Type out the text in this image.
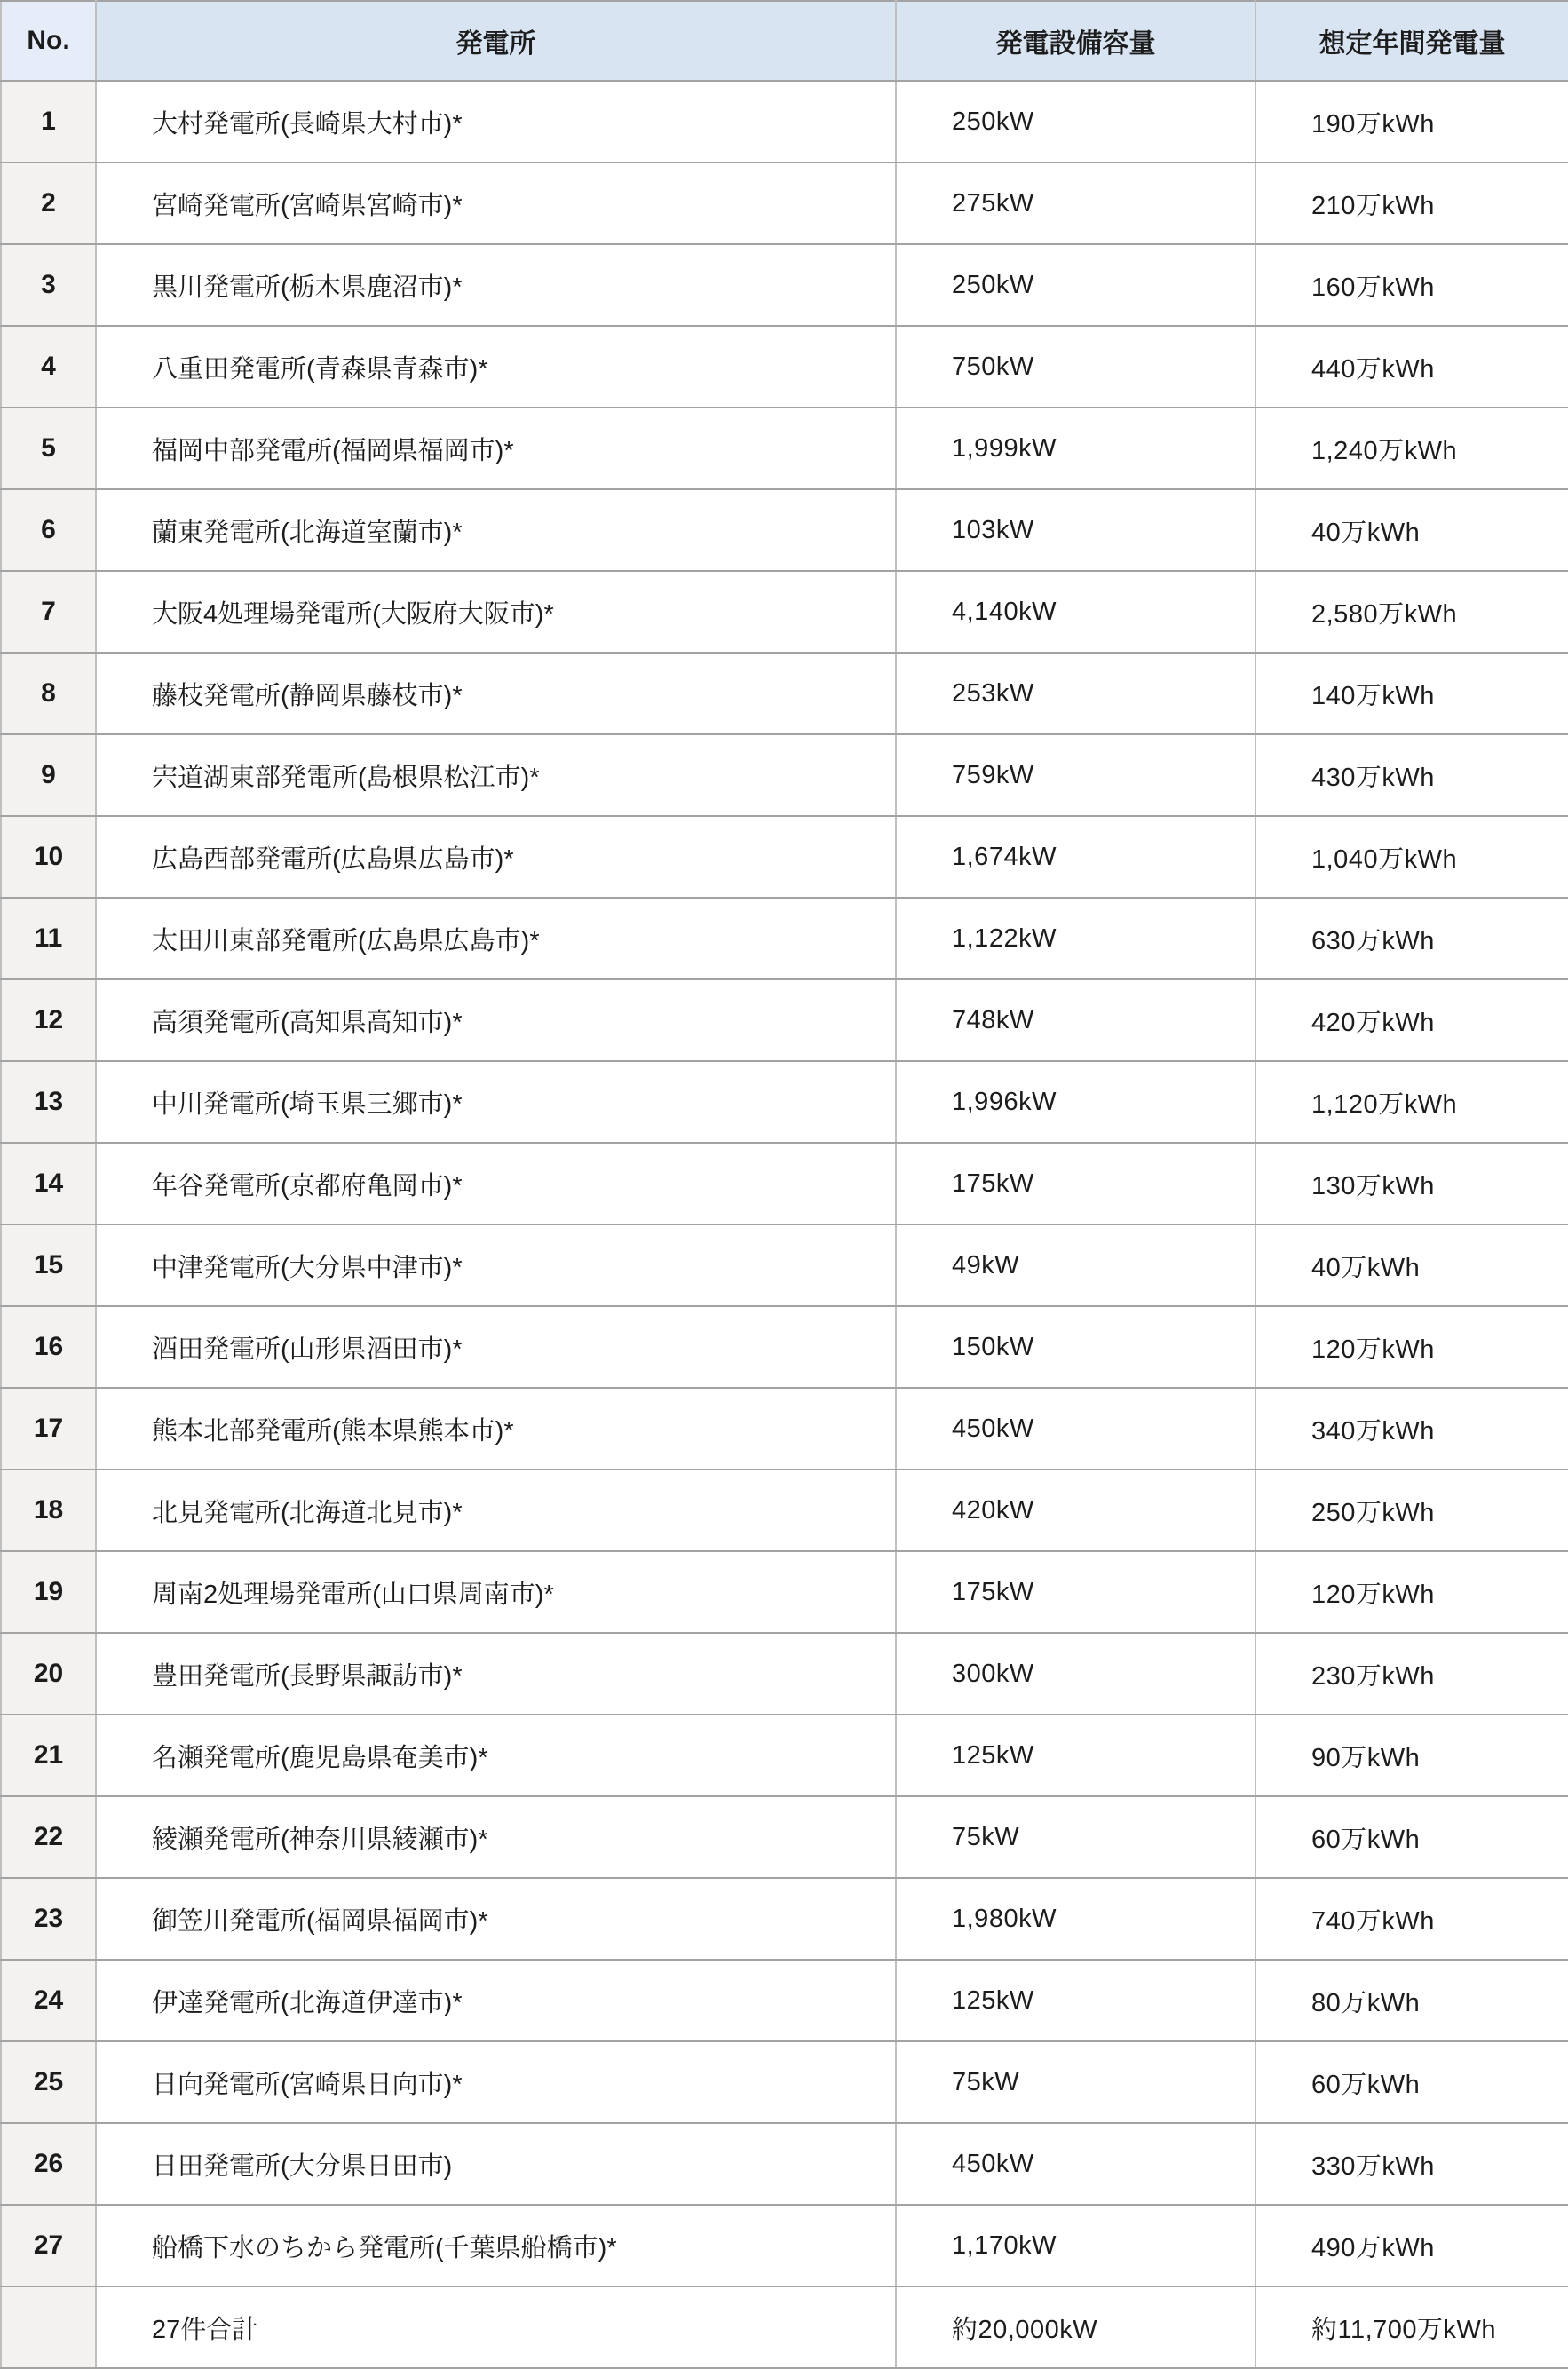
No.	発電所	発電設備容量	想定年間発電量
1	大村発電所(長崎県大村市)*	250kW	190万kWh
2	宮崎発電所(宮崎県宮崎市)*	275kW	210万kWh
3	黒川発電所(栃木県鹿沼市)*	250kW	160万kWh
4	八重田発電所(青森県青森市)*	750kW	440万kWh
5	福岡中部発電所(福岡県福岡市)*	1,999kW	1,240万kWh
6	蘭東発電所(北海道室蘭市)*	103kW	40万kWh
7	大阪4処理場発電所(大阪府大阪市)*	4,140kW	2,580万kWh
8	藤枝発電所(静岡県藤枝市)*	253kW	140万kWh
9	宍道湖東部発電所(島根県松江市)*	759kW	430万kWh
10	広島西部発電所(広島県広島市)*	1,674kW	1,040万kWh
11	太田川東部発電所(広島県広島市)*	1,122kW	630万kWh
12	高須発電所(高知県高知市)*	748kW	420万kWh
13	中川発電所(埼玉県三郷市)*	1,996kW	1,120万kWh
14	年谷発電所(京都府亀岡市)*	175kW	130万kWh
15	中津発電所(大分県中津市)*	49kW	40万kWh
16	酒田発電所(山形県酒田市)*	150kW	120万kWh
17	熊本北部発電所(熊本県熊本市)*	450kW	340万kWh
18	北見発電所(北海道北見市)*	420kW	250万kWh
19	周南2処理場発電所(山口県周南市)*	175kW	120万kWh
20	豊田発電所(長野県諏訪市)*	300kW	230万kWh
21	名瀬発電所(鹿児島県奄美市)*	125kW	90万kWh
22	綾瀬発電所(神奈川県綾瀬市)*	75kW	60万kWh
23	御笠川発電所(福岡県福岡市)*	1,980kW	740万kWh
24	伊達発電所(北海道伊達市)*	125kW	80万kWh
25	日向発電所(宮崎県日向市)*	75kW	60万kWh
26	日田発電所(大分県日田市)	450kW	330万kWh
27	船橋下水のちから発電所(千葉県船橋市)*	1,170kW	490万kWh
	27件合計	約20,000kW	約11,700万kWh
